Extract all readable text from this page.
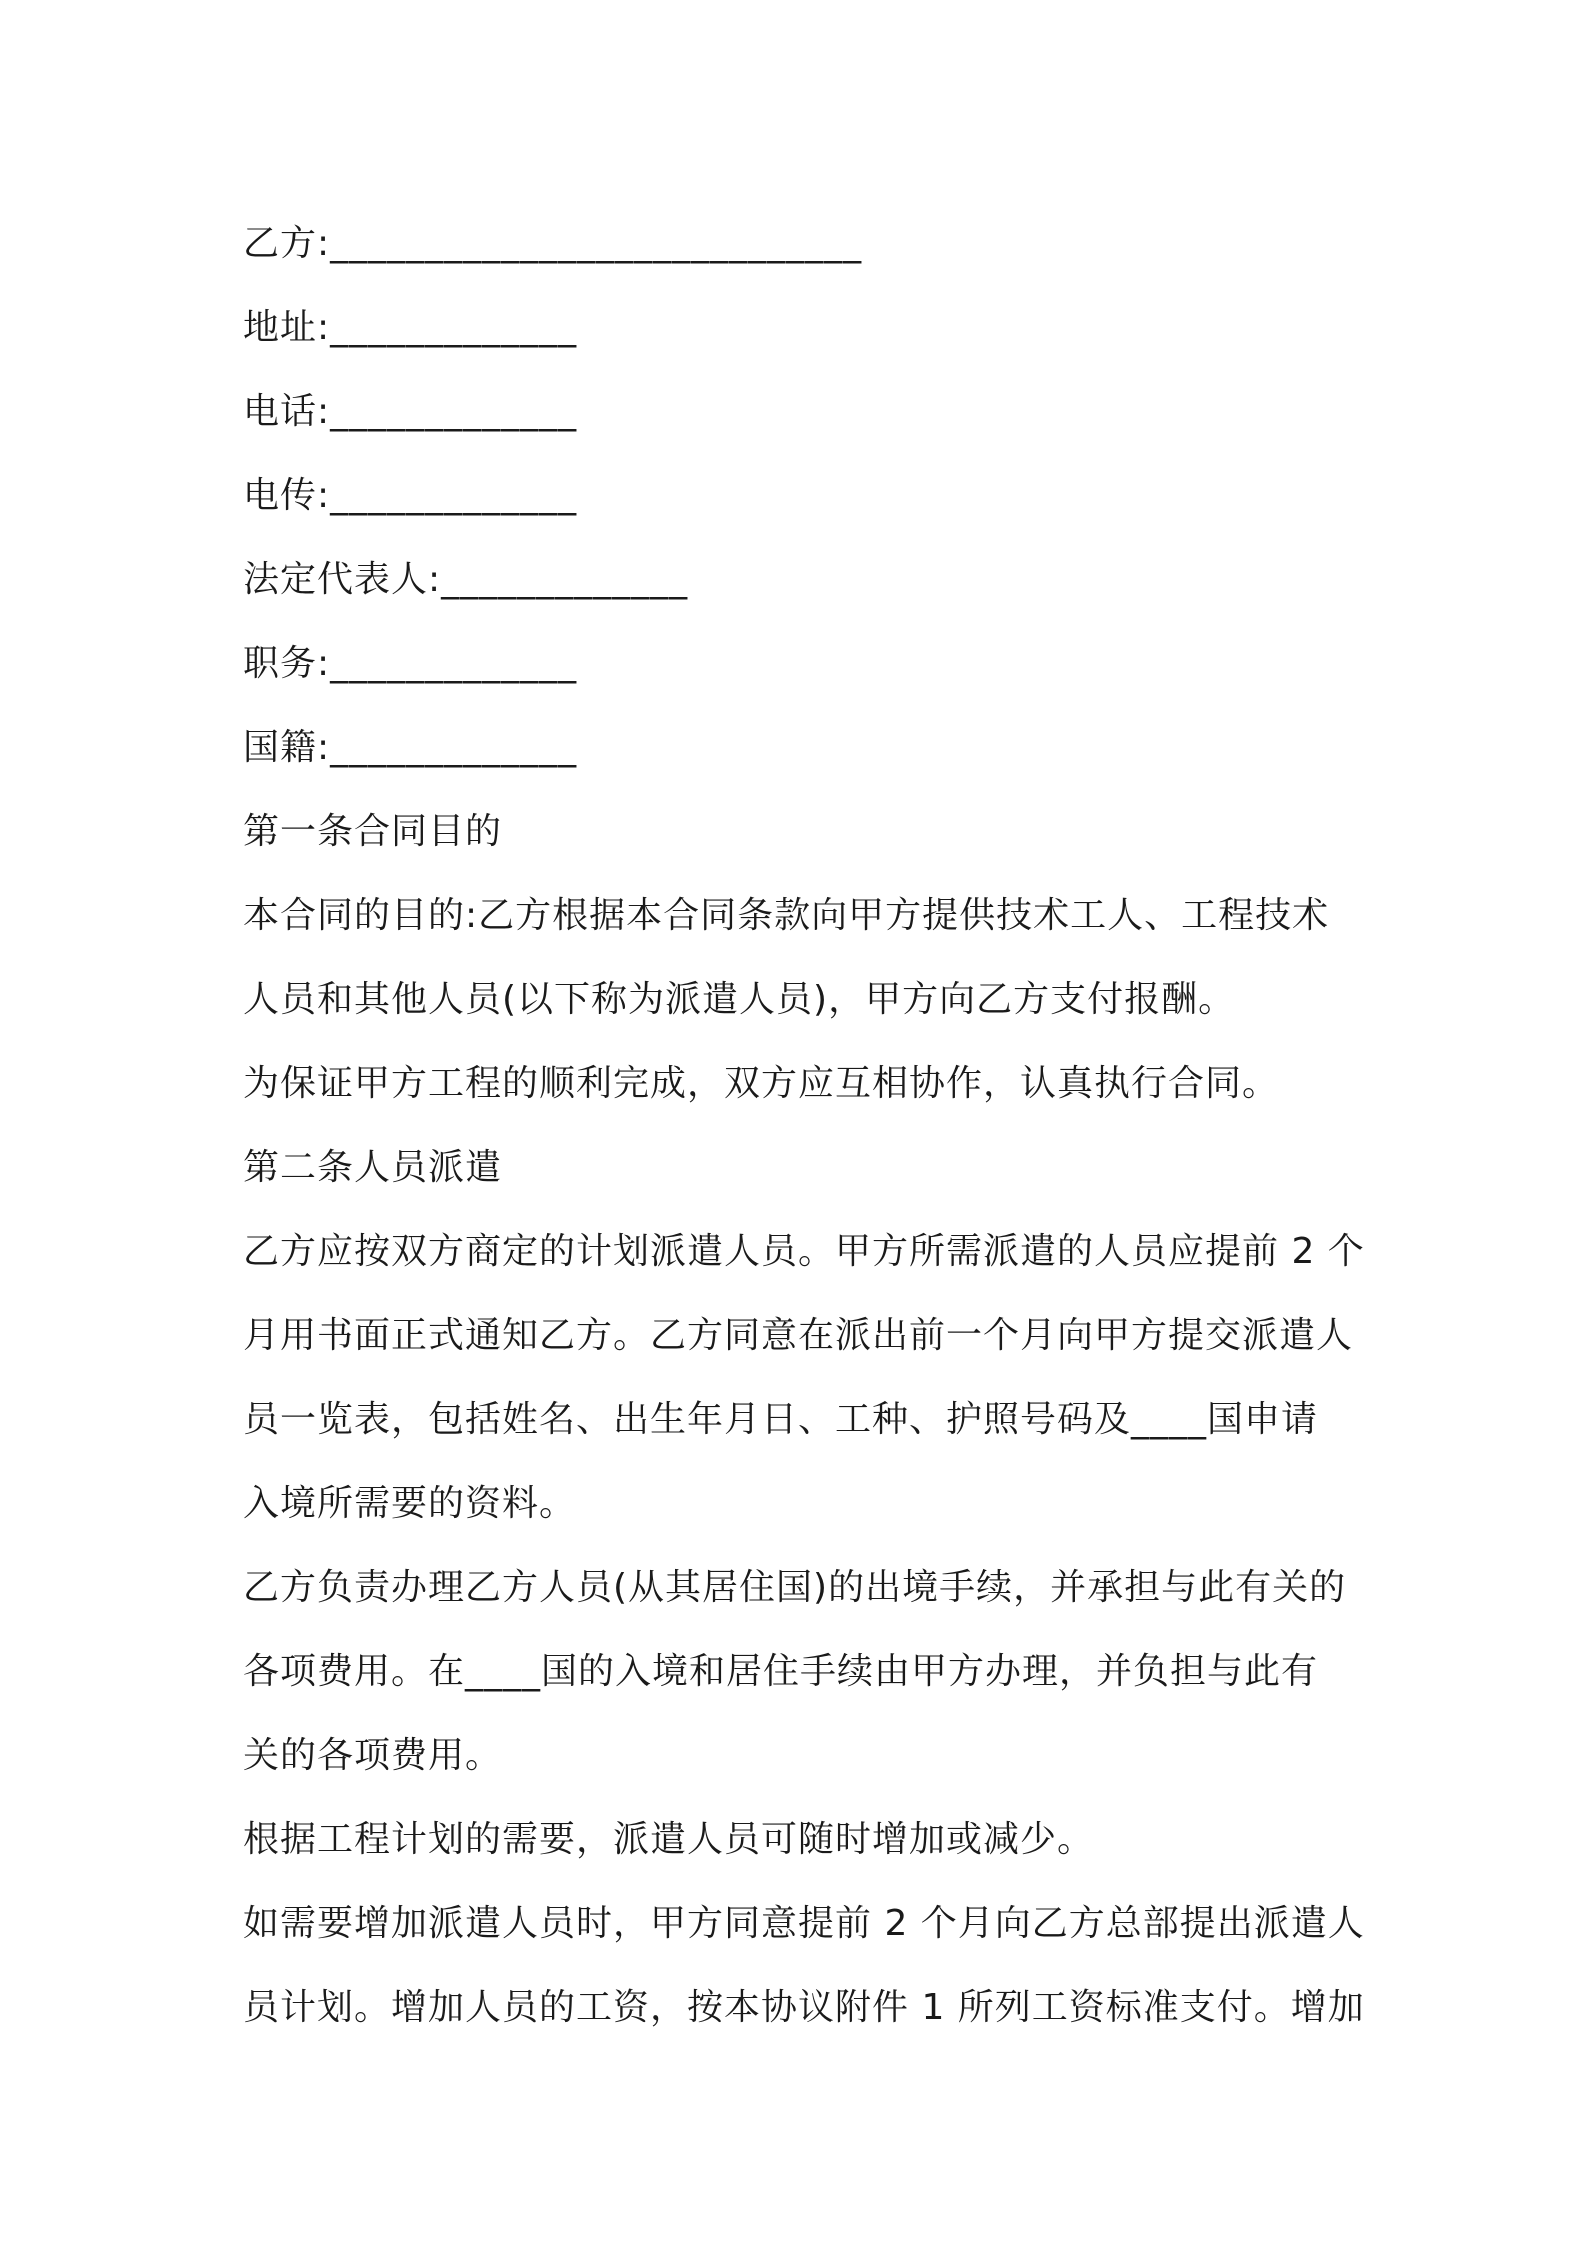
乙方:____________________________
地址:_____________
电话:_____________
电传:_____________
法定代表人:_____________
职务:_____________
国籍:_____________
第一条合同目的
本合同的目的:乙方根据本合同条款向甲方提供技术工人、工程技术
人员和其他人员(以下称为派遣人员)，甲方向乙方支付报酬。
为保证甲方工程的顺利完成，双方应互相协作，认真执行合同。
第二条人员派遣
乙方应按双方商定的计划派遣人员。甲方所需派遣的人员应提前 2 个
月用书面正式通知乙方。乙方同意在派出前一个月向甲方提交派遣人
员一览表，包括姓名、出生年月日、工种、护照号码及____国申请
入境所需要的资料。
乙方负责办理乙方人员(从其居住国)的出境手续，并承担与此有关的
各项费用。在____国的入境和居住手续由甲方办理，并负担与此有
关的各项费用。
根据工程计划的需要，派遣人员可随时增加或减少。
如需要增加派遣人员时，甲方同意提前 2 个月向乙方总部提出派遣人
员计划。增加人员的工资，按本协议附件 1 所列工资标准支付。增加
